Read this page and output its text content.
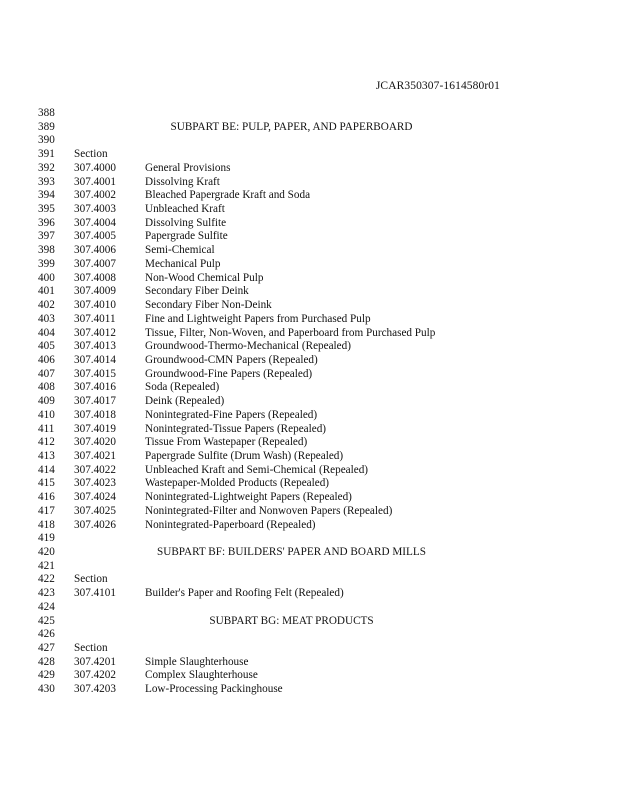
JCAR350307-1614580r01
388
389	SUBPART BE: PULP, PAPER, AND PAPERBOARD
390
391	Section
392	307.4000	General Provisions
393	307.4001	Dissolving Kraft
394	307.4002	Bleached Papergrade Kraft and Soda
395	307.4003	Unbleached Kraft
396	307.4004	Dissolving Sulfite
397	307.4005	Papergrade Sulfite
398	307.4006	Semi-Chemical
399	307.4007	Mechanical Pulp
400	307.4008	Non-Wood Chemical Pulp
401	307.4009	Secondary Fiber Deink
402	307.4010	Secondary Fiber Non-Deink
403	307.4011	Fine and Lightweight Papers from Purchased Pulp
404	307.4012	Tissue, Filter, Non-Woven, and Paperboard from Purchased Pulp
405	307.4013	Groundwood-Thermo-Mechanical (Repealed)
406	307.4014	Groundwood-CMN Papers (Repealed)
407	307.4015	Groundwood-Fine Papers (Repealed)
408	307.4016	Soda (Repealed)
409	307.4017	Deink (Repealed)
410	307.4018	Nonintegrated-Fine Papers (Repealed)
411	307.4019	Nonintegrated-Tissue Papers (Repealed)
412	307.4020	Tissue From Wastepaper (Repealed)
413	307.4021	Papergrade Sulfite (Drum Wash) (Repealed)
414	307.4022	Unbleached Kraft and Semi-Chemical (Repealed)
415	307.4023	Wastepaper-Molded Products (Repealed)
416	307.4024	Nonintegrated-Lightweight Papers (Repealed)
417	307.4025	Nonintegrated-Filter and Nonwoven Papers (Repealed)
418	307.4026	Nonintegrated-Paperboard (Repealed)
419
420	SUBPART BF: BUILDERS' PAPER AND BOARD MILLS
421
422	Section
423	307.4101	Builder's Paper and Roofing Felt (Repealed)
424
425	SUBPART BG: MEAT PRODUCTS
426
427	Section
428	307.4201	Simple Slaughterhouse
429	307.4202	Complex Slaughterhouse
430	307.4203	Low-Processing Packinghouse
